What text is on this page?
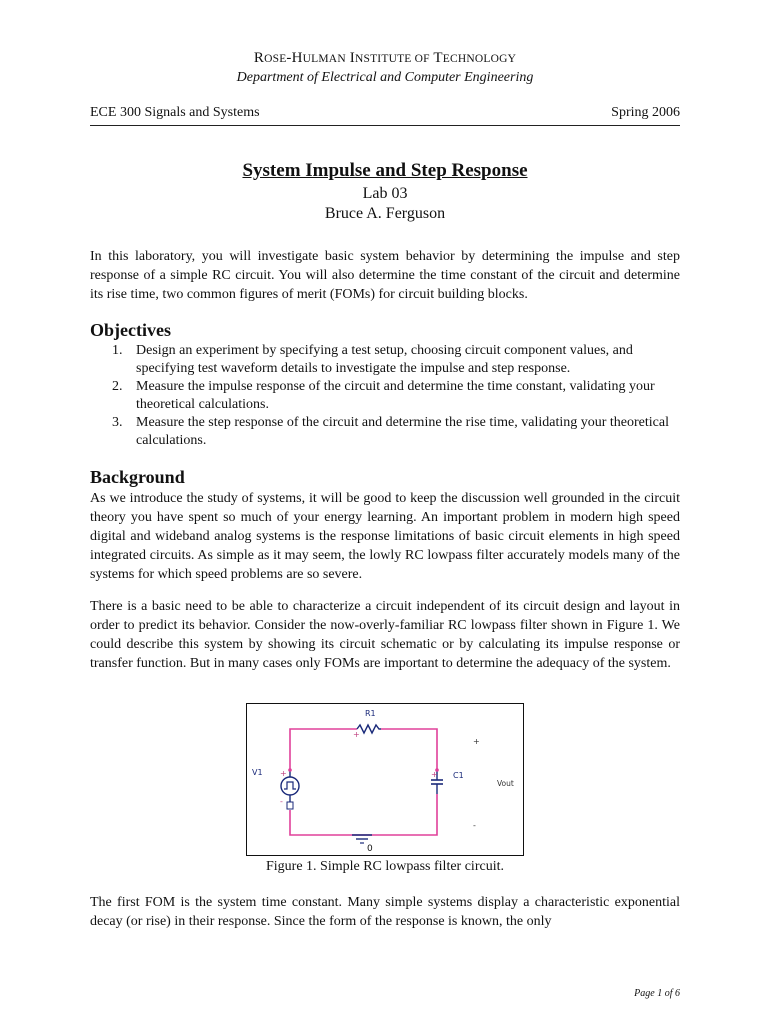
ROSE-HULMAN INSTITUTE OF TECHNOLOGY
Department of Electrical and Computer Engineering
ECE 300 Signals and Systems	Spring 2006
System Impulse and Step Response
Lab 03
Bruce A. Ferguson

In this laboratory, you will investigate basic system behavior by determining the impulse and step response of a simple RC circuit. You will also determine the time constant of the circuit and determine its rise time, two common figures of merit (FOMs) for circuit building blocks.

Objectives
1. Design an experiment by specifying a test setup, choosing circuit component values, and specifying test waveform details to investigate the impulse and step response.
2. Measure the impulse response of the circuit and determine the time constant, validating your theoretical calculations.
3. Measure the step response of the circuit and determine the rise time, validating your theoretical calculations.
Background

As we introduce the study of systems, it will be good to keep the discussion well grounded in the circuit theory you have spent so much of your energy learning. An important problem in modern high speed digital and wideband analog systems is the response limitations of basic circuit elements in high speed integrated circuits. As simple as it may seem, the lowly RC lowpass filter accurately models many of the systems for which speed problems are so severe.

There is a basic need to be able to characterize a circuit independent of its circuit design and layout in order to predict its behavior. Consider the now-overly-familiar RC lowpass filter shown in Figure 1. We could describe this system by showing its circuit schematic or by calculating its impulse response or transfer function. But in many cases only FOMs are important to determine the adequacy of the system.

R1
+
V1 +
-
C1
+
+
Vout
-
0
Figure 1. Simple RC lowpass filter circuit.

The first FOM is the system time constant. Many simple systems display a characteristic exponential decay (or rise) in their response. Since the form of the response is known, the only

Page 1 of 6
